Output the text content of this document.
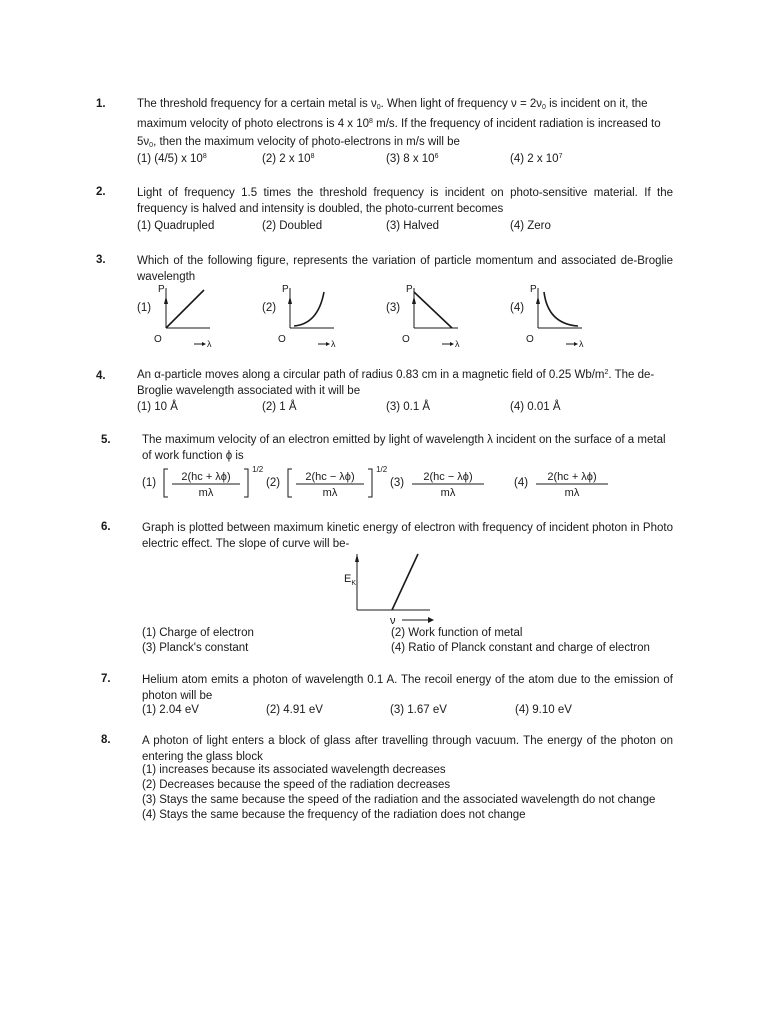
1.	The threshold frequency for a certain metal is $\nu_0$. When light of frequency $\nu = 2\nu_0$ is incident on it, the
maximum velocity of photo electrons is 4 x $10^8$ m/s. If the frequency of incident radiation is increased to
$5\nu_0$, then the maximum velocity of photo-electrons in m/s will be
(1) (4/5) x $10^8$	(2) 2 x $10^8$	(3) 8 x $10^6$	(4) 2 x $10^7$
2.	Light of frequency 1.5 times the threshold frequency is incident on photo-sensitive material. If the frequency is halved and intensity is doubled, the photo-current becomes
(1) Quadrupled	(2) Doubled	(3) Halved	(4) Zero
3.	Which of the following figure, represents the variation of particle momentum and associated de-Broglie wavelength
(1)
P
O	λ
(2)
P
O	λ
(3)
P
O	λ
(4)
P
O	λ
4.	An α-particle moves along a circular path of radius 0.83 cm in a magnetic field of 0.25 $Wb/m^2$. The de-
Broglie wavelength associated with it will be
(1) 10 Å	(2) 1 Å	(3) 0.1 Å	(4) 0.01 Å
5.	The maximum velocity of an electron emitted by light of wavelength λ incident on the surface of a metal
of work function ϕ is
(1) 2(hc + λϕ)
mλ
1/2
(2) 2(hc − λϕ)
mλ
1/2
(3) 2(hc − λϕ)
mλ
(4) 2(hc + λϕ)
mλ
6.	Graph is plotted between maximum kinetic energy of electron with frequency of incident photon in Photo electric effect. The slope of curve will be-
$E_K$
ν
(1) Charge of electron	(2) Work function of metal
(3) Planck's constant	(4) Ratio of Planck constant and charge of electron
7.	Helium atom emits a photon of wavelength 0.1 A. The recoil energy of the atom due to the emission of photon will be
(1) 2.04 eV	(2) 4.91 eV	(3) 1.67 eV	(4) 9.10 eV
8.	A photon of light enters a block of glass after travelling through vacuum. The energy of the photon on entering the glass block
(1) increases because its associated wavelength decreases
(2) Decreases because the speed of the radiation decreases
(3) Stays the same because the speed of the radiation and the associated wavelength do not change
(4) Stays the same because the frequency of the radiation does not change
